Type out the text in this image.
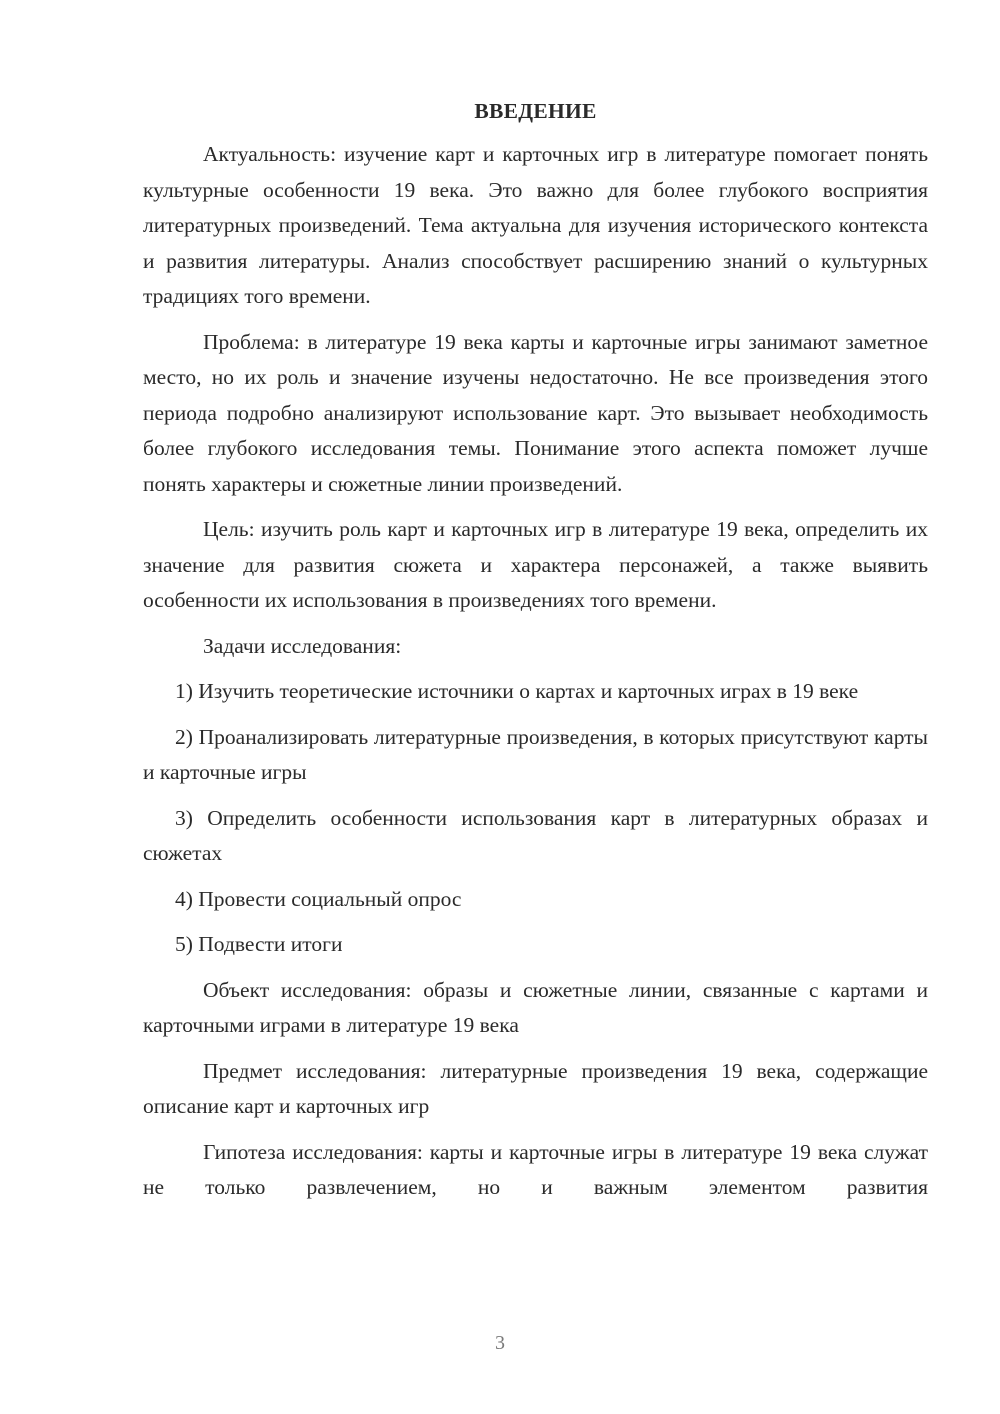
ВВЕДЕНИЕ
Актуальность: изучение карт и карточных игр в литературе помогает понять культурные особенности 19 века. Это важно для более глубокого восприятия литературных произведений. Тема актуальна для изучения исторического контекста и развития литературы. Анализ способствует расширению знаний о культурных традициях того времени.
Проблема: в литературе 19 века карты и карточные игры занимают заметное место, но их роль и значение изучены недостаточно. Не все произведения этого периода подробно анализируют использование карт. Это вызывает необходимость более глубокого исследования темы. Понимание этого аспекта поможет лучше понять характеры и сюжетные линии произведений.
Цель: изучить роль карт и карточных игр в литературе 19 века, определить их значение для развития сюжета и характера персонажей, а также выявить особенности их использования в произведениях того времени.
Задачи исследования:
1) Изучить теоретические источники о картах и карточных играх в 19 веке
2) Проанализировать литературные произведения, в которых присутствуют карты и карточные игры
3) Определить особенности использования карт в литературных образах и сюжетах
4) Провести социальный опрос
5) Подвести итоги
Объект исследования: образы и сюжетные линии, связанные с картами и карточными играми в литературе 19 века
Предмет исследования: литературные произведения 19 века, содержащие описание карт и карточных игр
Гипотеза исследования: карты и карточные игры в литературе 19 века служат не только развлечением, но и важным элементом развития
3
